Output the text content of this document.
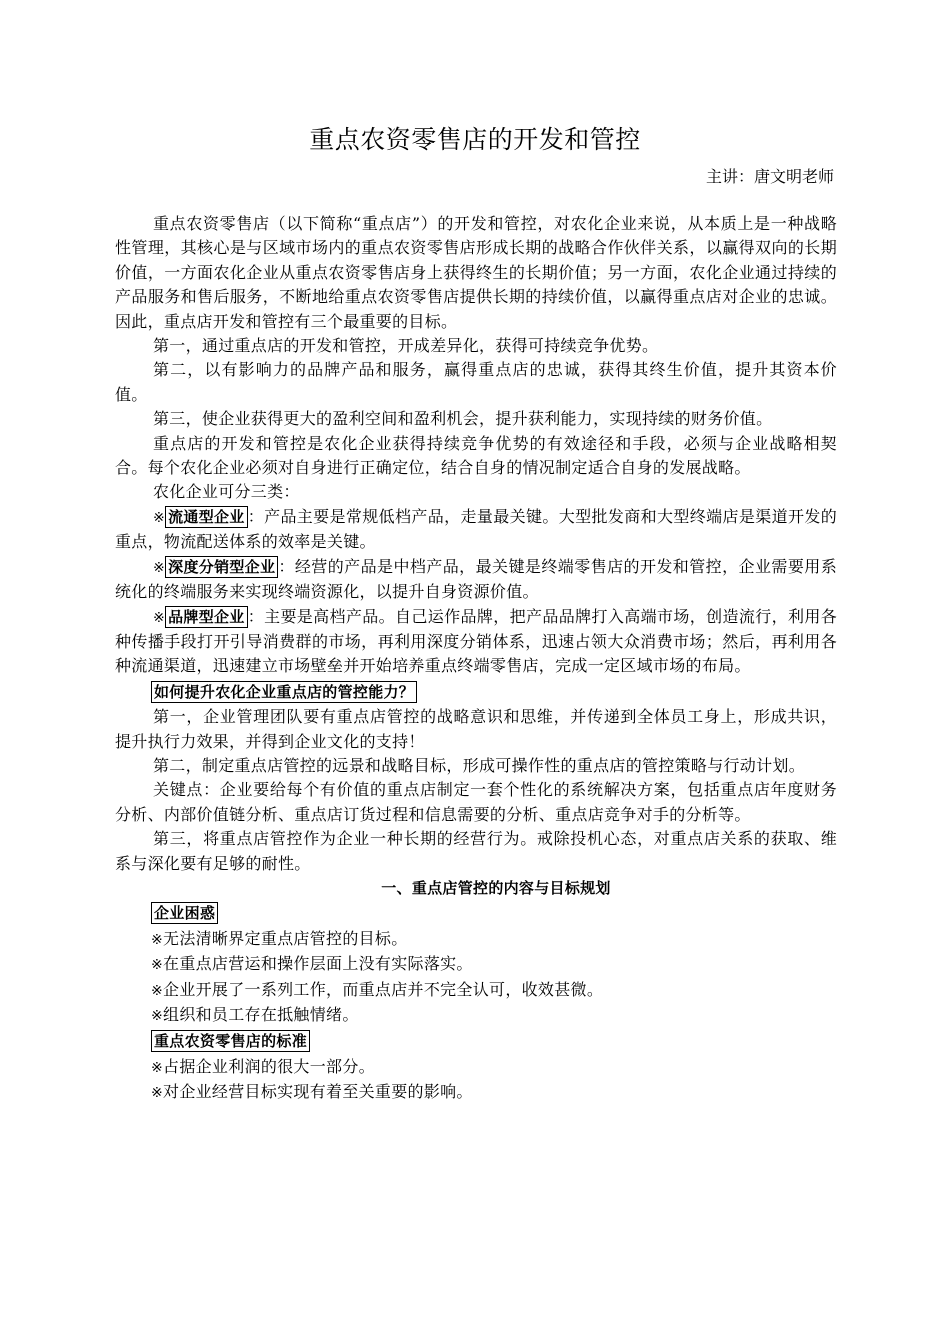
重点农资零售店的开发和管控
主讲：唐文明老师

重点农资零售店（以下简称“重点店”）的开发和管控，对农化企业来说，从本质上是一种战略性管理，其核心是与区域市场内的重点农资零售店形成长期的战略合作伙伴关系，以赢得双向的长期价值，一方面农化企业从重点农资零售店身上获得终生的长期价值；另一方面，农化企业通过持续的产品服务和售后服务，不断地给重点农资零售店提供长期的持续价值，以赢得重点店对企业的忠诚。因此，重点店开发和管控有三个最重要的目标。

第一，通过重点店的开发和管控，开成差异化，获得可持续竞争优势。

第二，以有影响力的品牌产品和服务，赢得重点店的忠诚，获得其终生价值，提升其资本价值。

第三，使企业获得更大的盈利空间和盈利机会，提升获利能力，实现持续的财务价值。

重点店的开发和管控是农化企业获得持续竞争优势的有效途径和手段，必须与企业战略相契合。每个农化企业必须对自身进行正确定位，结合自身的情况制定适合自身的发展战略。

农化企业可分三类：

※ 流通型企业 ：产品主要是常规低档产品，走量最关键。大型批发商和大型终端店是渠道开发的重点，物流配送体系的效率是关键。

※ 深度分销型企业 ：经营的产品是中档产品，最关键是终端零售店的开发和管控，企业需要用系统化的终端服务来实现终端资源化，以提升自身资源价值。

※ 品牌型企业 ：主要是高档产品。自己运作品牌，把产品品牌打入高端市场，创造流行，利用各种传播手段打开引导消费群的市场，再利用深度分销体系，迅速占领大众消费市场；然后，再利用各种流通渠道，迅速建立市场壁垒并开始培养重点终端零售店，完成一定区域市场的布局。

如何提升农化企业重点店的管控能力？

第一，企业管理团队要有重点店管控的战略意识和思维，并传递到全体员工身上，形成共识，提升执行力效果，并得到企业文化的支持！

第二，制定重点店管控的远景和战略目标，形成可操作性的重点店的管控策略与行动计划。

关键点：企业要给每个有价值的重点店制定一套个性化的系统解决方案，包括重点店年度财务分析、内部价值链分析、重点店订货过程和信息需要的分析、重点店竞争对手的分析等。

第三，将重点店管控作为企业一种长期的经营行为。戒除投机心态，对重点店关系的获取、维系与深化要有足够的耐性。

一、重点店管控的内容与目标规划

企业困惑

※无法清晰界定重点店管控的目标。

※在重点店营运和操作层面上没有实际落实。

※企业开展了一系列工作，而重点店并不完全认可，收效甚微。

※组织和员工存在抵触情绪。

重点农资零售店的标准

※占据企业利润的很大一部分。

※对企业经营目标实现有着至关重要的影响。
